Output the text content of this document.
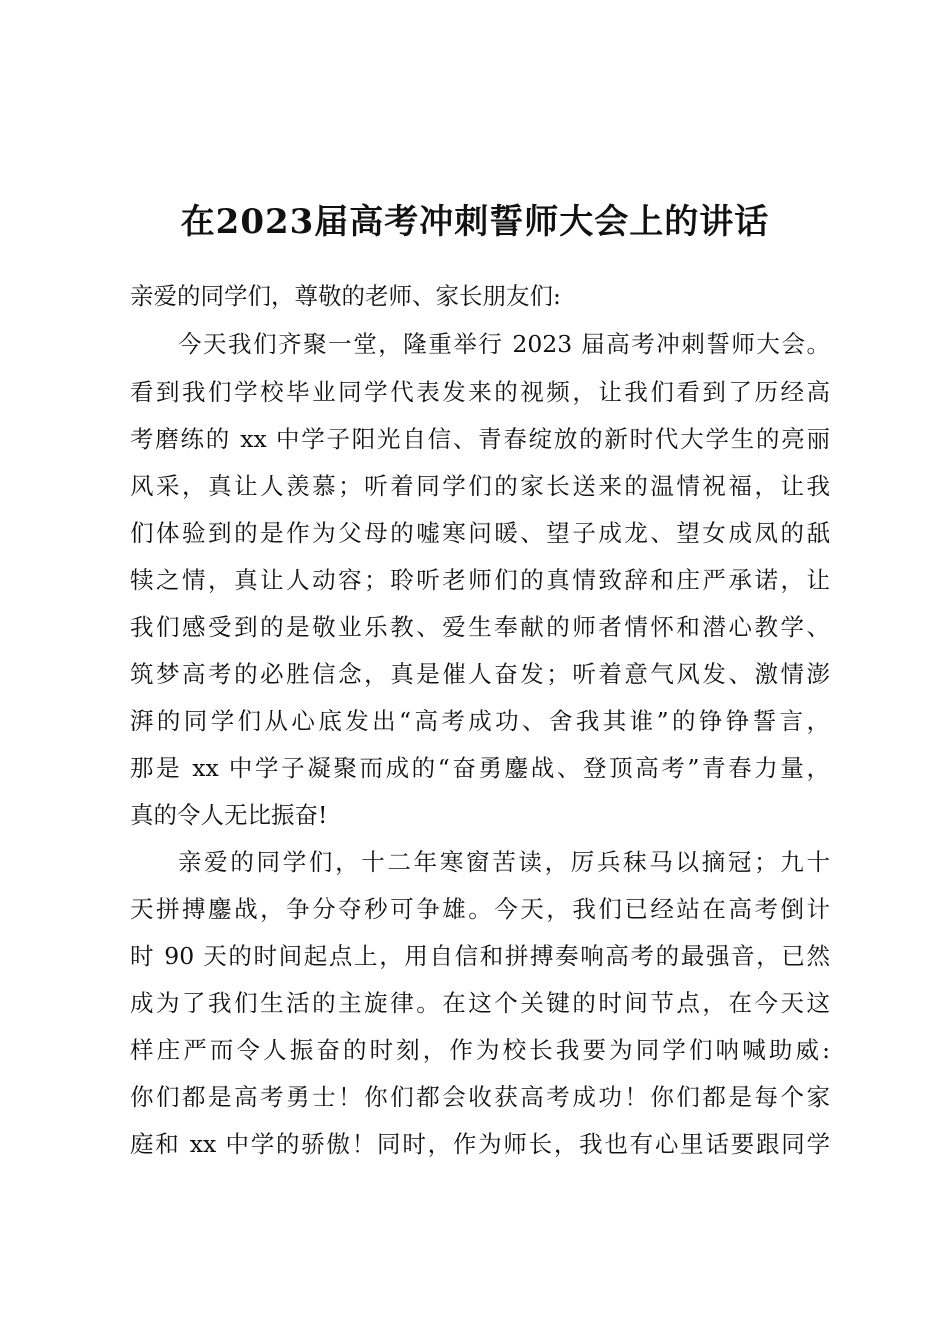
在2023届高考冲刺誓师大会上的讲话
亲爱的同学们，尊敬的老师、家长朋友们:
今天我们齐聚一堂，隆重举行 2023 届高考冲刺誓师大会。
看到我们学校毕业同学代表发来的视频，让我们看到了历经高
考磨练的 xx 中学子阳光自信、青春绽放的新时代大学生的亮丽
风采，真让人羡慕；听着同学们的家长送来的温情祝福，让我
们体验到的是作为父母的嘘寒问暖、望子成龙、望女成凤的舐
犊之情，真让人动容；聆听老师们的真情致辞和庄严承诺，让
我们感受到的是敬业乐教、爱生奉献的师者情怀和潜心教学、
筑梦高考的必胜信念，真是催人奋发；听着意气风发、激情澎
湃的同学们从心底发出“高考成功、舍我其谁”的铮铮誓言，
那是 xx 中学子凝聚而成的“奋勇鏖战、登顶高考”青春力量，
真的令人无比振奋!
亲爱的同学们，十二年寒窗苦读，厉兵秣马以摘冠；九十
天拼搏鏖战，争分夺秒可争雄。今天，我们已经站在高考倒计
时 90 天的时间起点上，用自信和拼搏奏响高考的最强音，已然
成为了我们生活的主旋律。在这个关键的时间节点，在今天这
样庄严而令人振奋的时刻，作为校长我要为同学们呐喊助威:
你们都是高考勇士！你们都会收获高考成功！你们都是每个家
庭和 xx 中学的骄傲！同时，作为师长，我也有心里话要跟同学
